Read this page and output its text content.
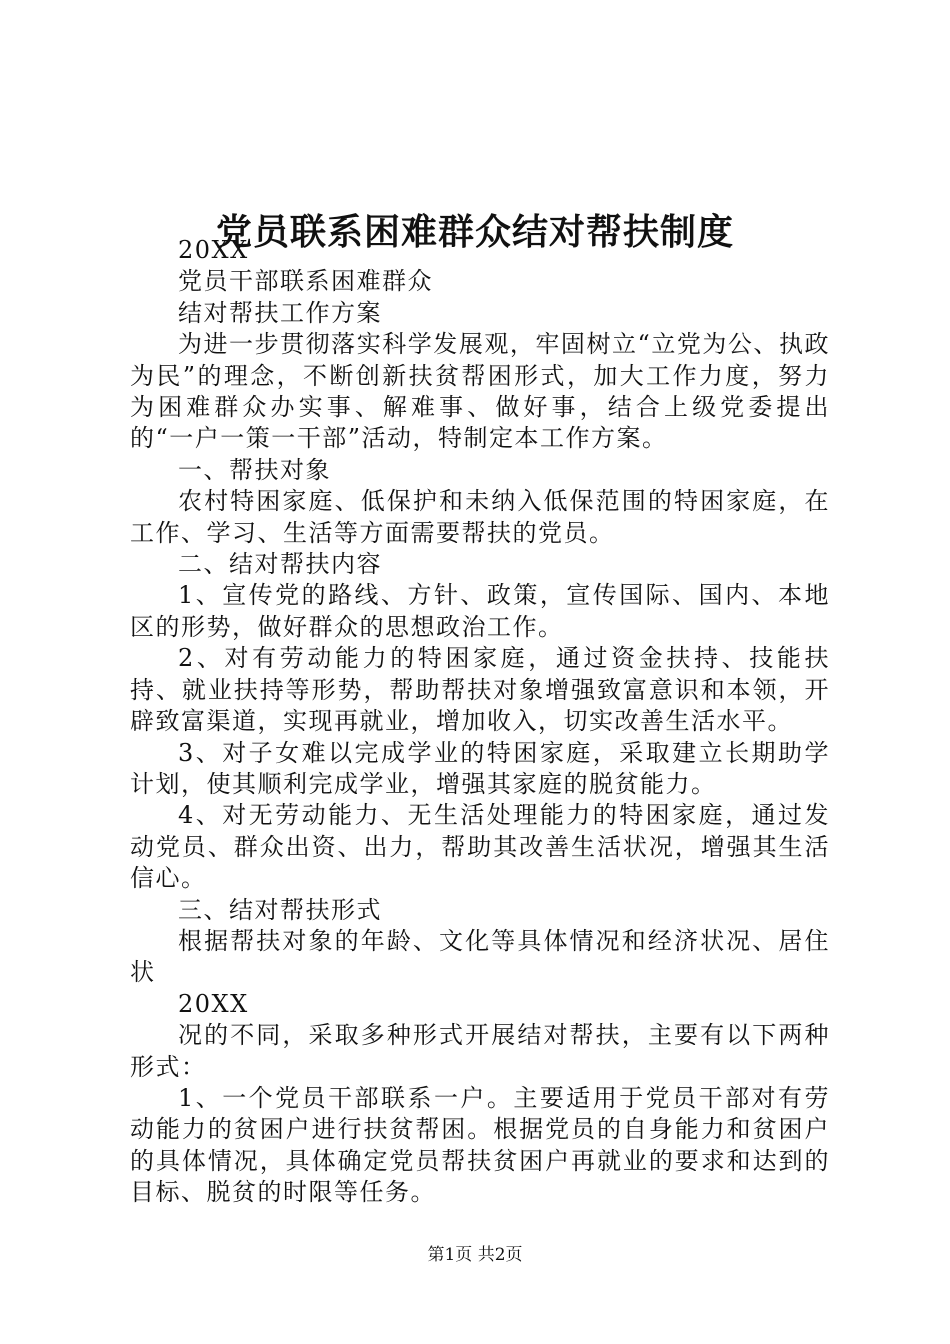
党员联系困难群众结对帮扶制度

20XX

党员干部联系困难群众

结对帮扶工作方案

为进一步贯彻落实科学发展观，牢固树立“立党为公、执政为民”的理念，不断创新扶贫帮困形式，加大工作力度，努力为困难群众办实事、解难事、做好事，结合上级党委提出的“一户一策一干部”活动，特制定本工作方案。

一、帮扶对象

农村特困家庭、低保护和未纳入低保范围的特困家庭，在工作、学习、生活等方面需要帮扶的党员。

二、结对帮扶内容

1、宣传党的路线、方针、政策，宣传国际、国内、本地区的形势，做好群众的思想政治工作。

2、对有劳动能力的特困家庭，通过资金扶持、技能扶持、就业扶持等形势，帮助帮扶对象增强致富意识和本领，开辟致富渠道，实现再就业，增加收入，切实改善生活水平。

3、对子女难以完成学业的特困家庭，采取建立长期助学计划，使其顺利完成学业，增强其家庭的脱贫能力。

4、对无劳动能力、无生活处理能力的特困家庭，通过发动党员、群众出资、出力，帮助其改善生活状况，增强其生活信心。

三、结对帮扶形式

根据帮扶对象的年龄、文化等具体情况和经济状况、居住状

20XX

况的不同，采取多种形式开展结对帮扶，主要有以下两种形式：

1、一个党员干部联系一户。主要适用于党员干部对有劳动能力的贫困户进行扶贫帮困。根据党员的自身能力和贫困户的具体情况，具体确定党员帮扶贫困户再就业的要求和达到的目标、脱贫的时限等任务。

第1页 共2页
